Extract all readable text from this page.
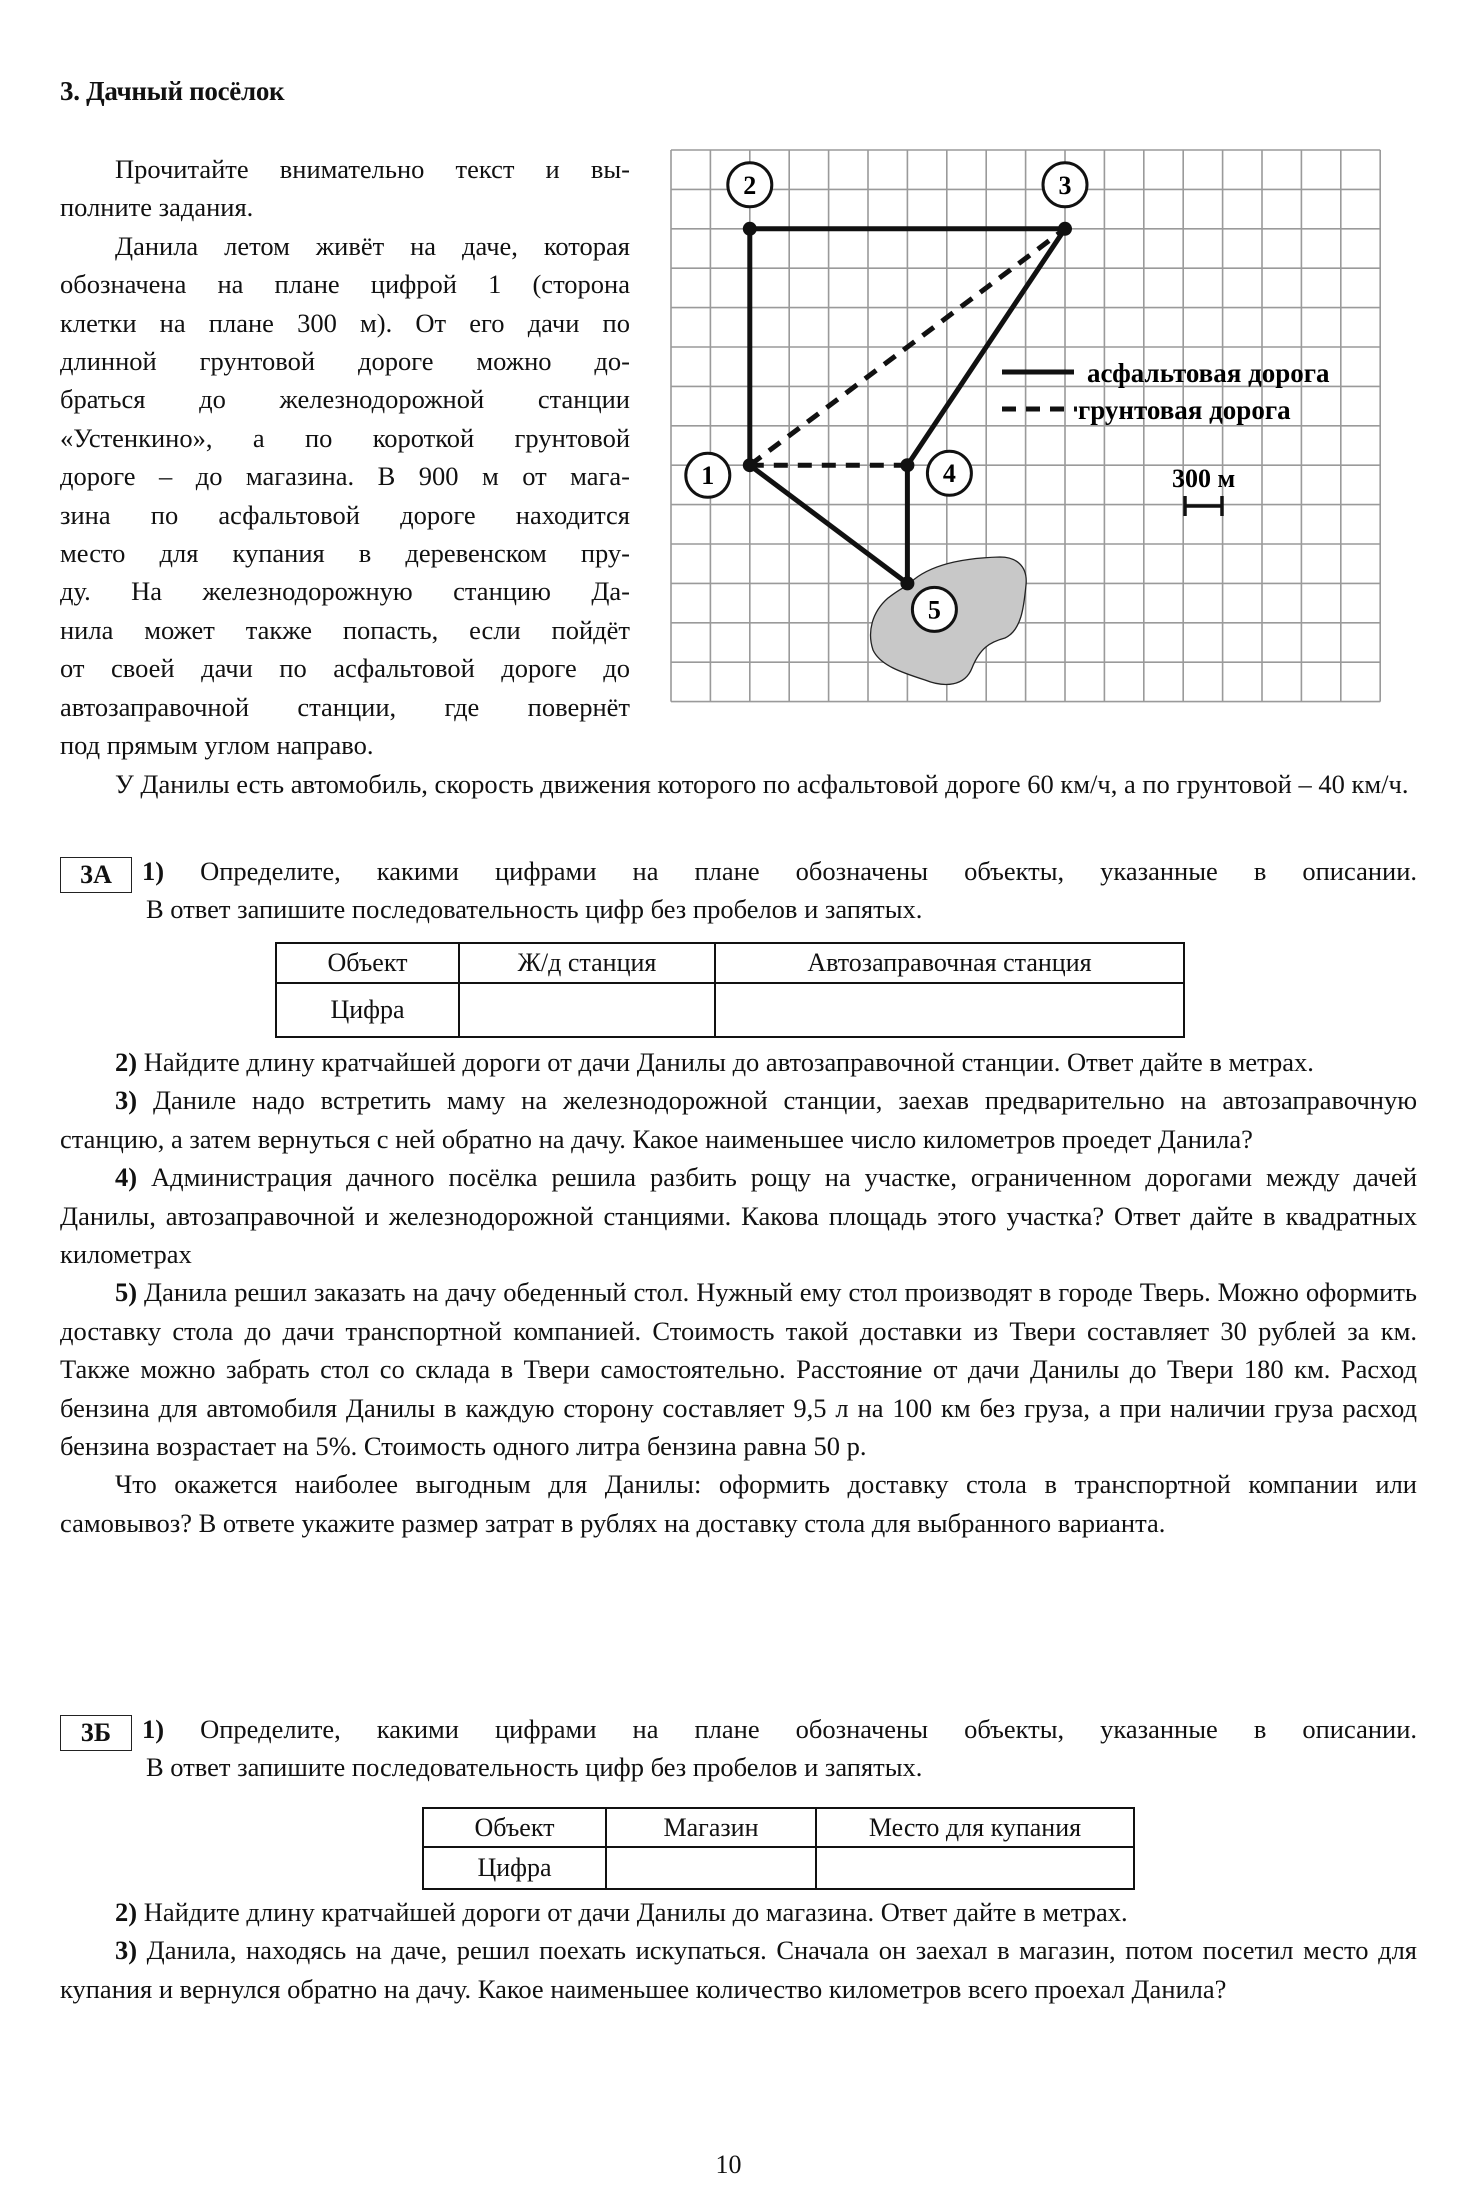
3. Дачный посёлок

Прочитайте внимательно текст и вы-

полните задания.

Данила летом живёт на даче, которая

обозначена на плане цифрой 1 (сторона
клетки на плане 300 м). От его дачи по
длинной грунтовой дороге можно до-
браться до железнодорожной станции
«Устенкино», а по короткой грунтовой
дороге – до магазина. В 900 м от мага-
зина по асфальтовой дороге находится
место для купания в деревенском пру-
ду. На железнодорожную станцию Да-
нила может также попасть, если пойдёт
от своей дачи по асфальтовой дороге до
автозаправочной станции, где повернёт
под прямым углом направо.
1
2	3
4
5
асфальтовая дорога
грунтовая дорога
300 м

У Данилы есть автомобиль, скорость движения которого по асфальтовой дороге 60 км/ч, а по грунтовой – 40 км/ч.

3А	1) Определите, какими цифрами на плане обозначены объекты, указанные в описании.
В ответ запишите последовательность цифр без пробелов и запятых.
Объект	Ж/д станция	Автозаправочная станция
Цифра		

2) Найдите длину кратчайшей дороги от дачи Данилы до автозаправочной станции. Ответ дайте в метрах.

3) Даниле надо встретить маму на железнодорожной станции, заехав предварительно на автозаправочную станцию, а затем вернуться с ней обратно на дачу. Какое наименьшее число километров проедет Данила?

4) Администрация дачного посёлка решила разбить рощу на участке, ограниченном дорогами между дачей Данилы, автозаправочной и железнодорожной станциями. Какова площадь этого участка? Ответ дайте в квадратных километрах

5) Данила решил заказать на дачу обеденный стол. Нужный ему стол производят в городе Тверь. Можно оформить доставку стола до дачи транспортной компанией. Стоимость такой доставки из Твери составляет 30 рублей за км. Также можно забрать стол со склада в Твери самостоятельно. Расстояние от дачи Данилы до Твери 180 км. Расход бензина для автомобиля Данилы в каждую сторону составляет 9,5 л на 100 км без груза, а при наличии груза расход бензина возрастает на 5%. Стоимость одного литра бензина равна 50 р.

Что окажется наиболее выгодным для Данилы: оформить доставку стола в транспортной компании или самовывоз? В ответе укажите размер затрат в рублях на доставку стола для выбранного варианта.

3Б	1) Определите, какими цифрами на плане обозначены объекты, указанные в описании.
В ответ запишите последовательность цифр без пробелов и запятых.
Объект	Магазин	Место для купания
Цифра		

2) Найдите длину кратчайшей дороги от дачи Данилы до магазина. Ответ дайте в метрах.

3) Данила, находясь на даче, решил поехать искупаться. Сначала он заехал в магазин, потом посетил место для купания и вернулся обратно на дачу. Какое наименьшее количество километров всего проехал Данила?

10
